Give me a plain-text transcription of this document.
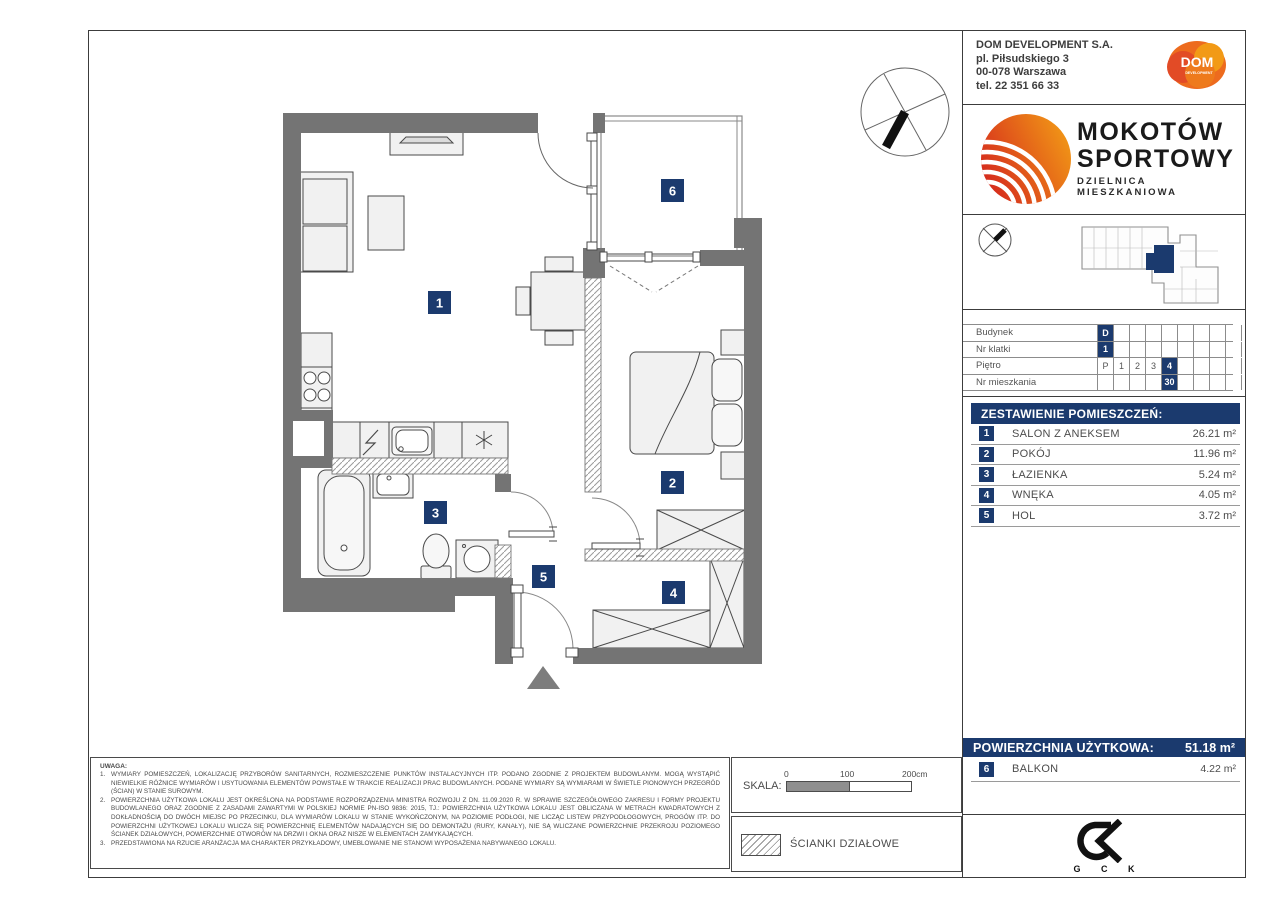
1
2
3
4
5
6
UWAGA:
WYMIARY POMIESZCZEŃ, LOKALIZACJĘ PRZYBORÓW SANITARNYCH, ROZMIESZCZENIE PUNKTÓW INSTALACYJNYCH ITP. PODANO ZGODNIE Z PROJEKTEM BUDOWLANYM. MOGĄ WYSTĄPIĆ NIEWIELKIE RÓŻNICE WYMIARÓW I USYTUOWANIA ELEMENTÓW POWSTAŁE W TRAKCIE REALIZACJI PRAC BUDOWLANYCH. PODANE WYMIARY SĄ WYMIARAMI W ŚWIETLE PIONOWYCH PRZEGRÓD (ŚCIAN) W STANIE SUROWYM.
POWIERZCHNIA UŻYTKOWA LOKALU JEST OKREŚLONA NA PODSTAWIE ROZPORZĄDZENIA MINISTRA ROZWOJU Z DN. 11.09.2020 R. W SPRAWIE SZCZEGÓŁOWEGO ZAKRESU I FORMY PROJEKTU BUDOWLANEGO ORAZ ZGODNIE Z ZASADAMI ZAWARTYMI W POLSKIEJ NORMIE PN-ISO 9836: 2015, TJ.: POWIERZCHNIA UŻYTKOWA LOKALU JEST OBLICZANA W METRACH KWADRATOWYCH Z DOKŁADNOŚCIĄ DO DWÓCH MIEJSC PO PRZECINKU, DLA WYMIARÓW LOKALU W STANIE WYKOŃCZONYM, NA POZIOMIE PODŁOGI, NIE LICZĄC LISTEW PRZYPODŁOGOWYCH, PROGÓW ITP. DO POWIERZCHNI UŻYTKOWEJ LOKALU WLICZA SIĘ POWIERZCHNIĘ ELEMENTÓW NADAJĄCYCH SIĘ DO DEMONTAŻU (RURY, KANAŁY), NIE SĄ WLICZANE POWIERZCHNIE PRZEKROJU POZIOMEGO ŚCIANEK DZIAŁOWYCH, POWIERZCHNIE OTWORÓW NA DRZWI I OKNA ORAZ NISZE W ELEMENTACH ZAMYKAJĄCYCH.
PRZEDSTAWIONA NA RZUCIE ARANŻACJA MA CHARAKTER PRZYKŁADOWY, UMEBLOWANIE NIE STANOWI WYPOSAŻENIA NABYWANEGO LOKALU.
SKALA:
0	100	200cm
ŚCIANKI DZIAŁOWE
DOM DEVELOPMENT S.A.
pl. Piłsudskiego 3
00-078 Warszawa
tel. 22 351 66 33
DOM
DEVELOPMENT
MOKOTÓW
SPORTOWY
DZIELNICA MIESZKANIOWA
Budynek	D
Nr klatki	1
Piętro	P	1	2	3	4
Nr mieszkania	30
ZESTAWIENIE POMIESZCZEŃ:
1	SALON Z ANEKSEM	26.21 m²
2	POKÓJ	11.96 m²
3	ŁAZIENKA	5.24 m²
4	WNĘKA	4.05 m²
5	HOL	3.72 m²
POWIERZCHNIA UŻYTKOWA: 51.18 m²
6	BALKON	4.22 m²
G C K
